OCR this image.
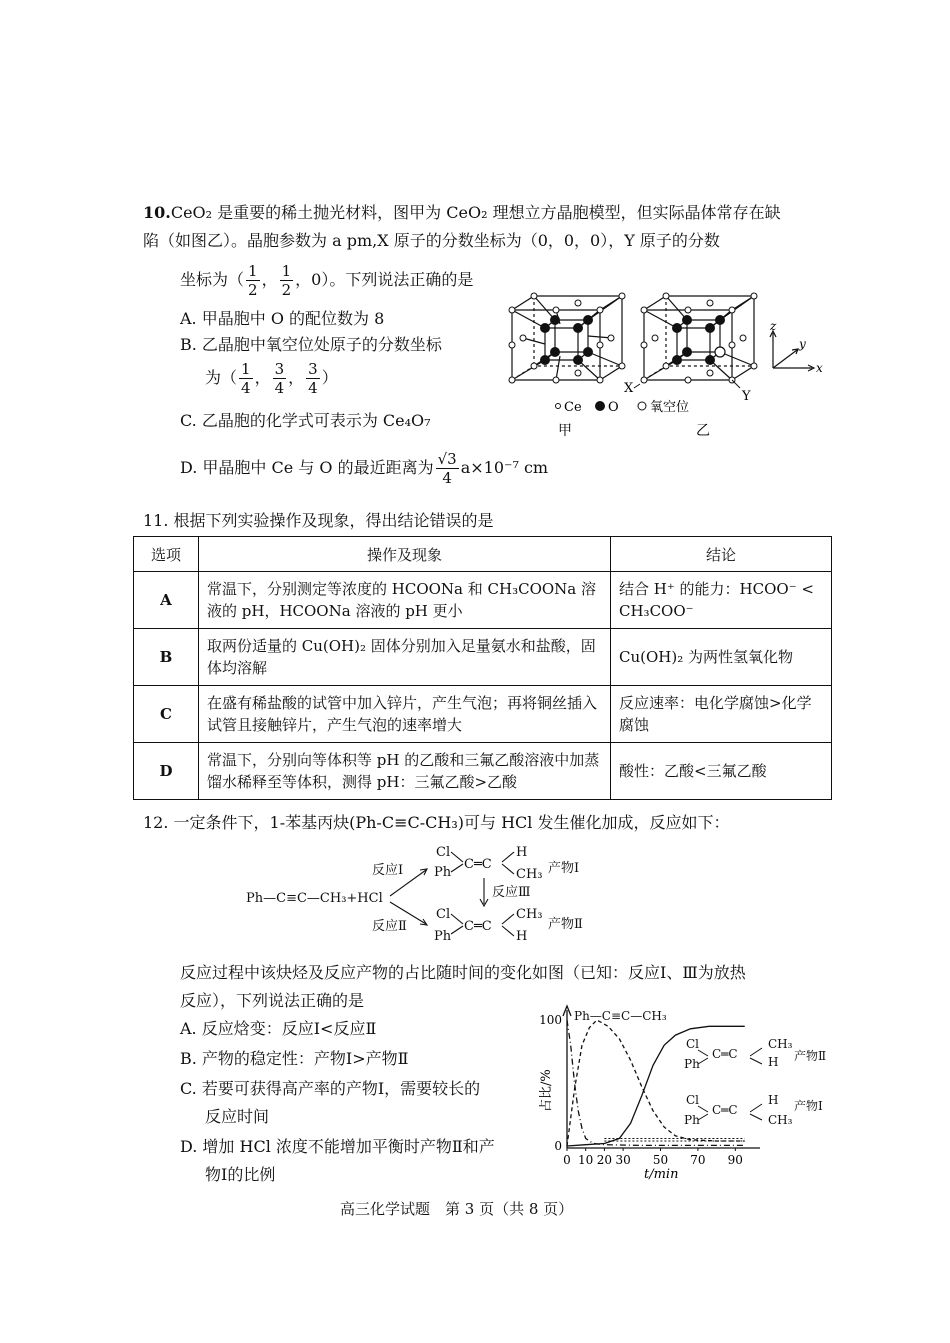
10.CeO₂ 是重要的稀土抛光材料，图甲为 CeO₂ 理想立方晶胞模型，但实际晶体常存在缺
陷（如图乙）。晶胞参数为 a pm,X 原子的分数坐标为（0，0，0），Y 原子的分数
坐标为（ $\frac{1}{2}$ ， $\frac{1}{2}$ ，0）。下列说法正确的是
A. 甲晶胞中 O 的配位数为 8
B. 乙晶胞中氧空位处原子的分数坐标
为（ $\frac{1}{4}$ ， $\frac{3}{4}$ ， $\frac{3}{4}$ ）
C. 乙晶胞的化学式可表示为 Ce₄O₇
D. 甲晶胞中 Ce 与 O 的最近距离为 $\frac{√3}{4} a\times 10^{-7}$ cm
X
Y
z
x
y
Ce O 氧空位
甲	乙
11. 根据下列实验操作及现象，得出结论错误的是
选项	操作及现象	结论
A	常温下，分别测定等浓度的 HCOONa 和 CH₃COONa 溶液的 pH，HCOONa 溶液的 pH 更小	结合 H⁺ 的能力：HCOO⁻ < CH₃COO⁻
B	取两份适量的 Cu(OH)₂ 固体分别加入足量氨水和盐酸，固体均溶解	Cu(OH)₂ 为两性氢氧化物
C	在盛有稀盐酸的试管中加入锌片，产生气泡；再将铜丝插入试管且接触锌片，产生气泡的速率增大	反应速率：电化学腐蚀>化学腐蚀
D	常温下，分别向等体积等 pH 的乙酸和三氟乙酸溶液中加蒸馏水稀释至等体积，测得 pH：三氟乙酸>乙酸	酸性：乙酸<三氟乙酸
12. 一定条件下，1-苯基丙炔(Ph-C≡C-CH₃)可与 HCl 发生催化加成，反应如下：
Ph—C≡C—CH₃+HCl
反应Ⅰ
反应Ⅱ
反应Ⅲ
Cl
Ph
C═C
H
CH₃ 产物Ⅰ
Cl
Ph
C═C
CH₃
H
产物Ⅱ
反应过程中该炔烃及反应产物的占比随时间的变化如图（已知：反应Ⅰ、Ⅲ为放热
反应），下列说法正确的是
A. 反应焓变：反应Ⅰ<反应Ⅱ
B. 产物的稳定性：产物Ⅰ>产物Ⅱ
C. 若要可获得高产率的产物Ⅰ，需要较长的
反应时间
D. 增加 HCl 浓度不能增加平衡时产物Ⅱ和产
物Ⅰ的比例
占比/%
t/min
0 10 20 30 50 70 90
0
100 Ph—C≡C—CH₃
Cl
Ph
C═C
CH₃
H 产物Ⅱ
Cl
Ph
C═C
H
CH₃
产物Ⅰ
高三化学试题　第 3 页（共 8 页）
